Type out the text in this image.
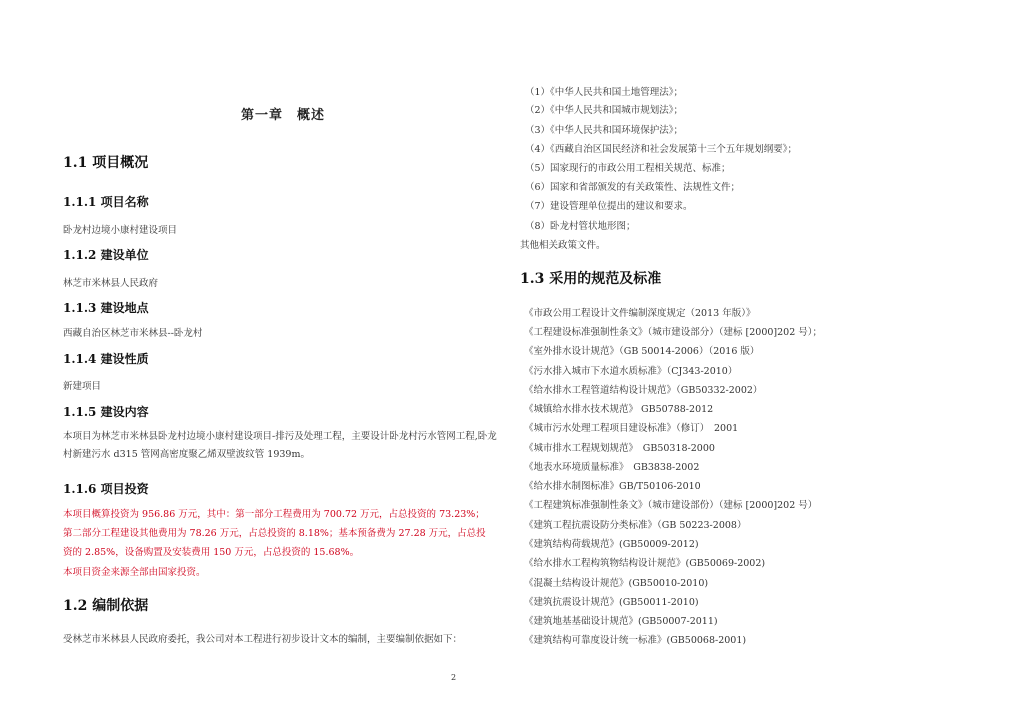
第一章　概述
1.1 项目概况
1.1.1 项目名称
卧龙村边境小康村建设项目
1.1.2 建设单位
林芝市米林县人民政府
1.1.3 建设地点
西藏自治区林芝市米林县--卧龙村
1.1.4 建设性质
新建项目
1.1.5 建设内容
本项目为林芝市米林县卧龙村边境小康村建设项目-排污及处理工程，主要设计卧龙村污水管网工程,卧龙村新建污水 d315 管网高密度聚乙烯双壁波纹管 1939m。
1.1.6 项目投资
本项目概算投资为 956.86 万元，其中：第一部分工程费用为 700.72 万元，占总投资的 73.23%；
第二部分工程建设其他费用为 78.26 万元，占总投资的 8.18%；基本预备费为 27.28 万元，占总投
资的 2.85%，设备购置及安装费用 150 万元，占总投资的 15.68%。
本项目资金来源全部由国家投资。
1.2 编制依据
受林芝市米林县人民政府委托，我公司对本工程进行初步设计文本的编制，主要编制依据如下：
（1）《中华人民共和国土地管理法》；
（2）《中华人民共和国城市规划法》；
（3）《中华人民共和国环境保护法》；
（4）《西藏自治区国民经济和社会发展第十三个五年规划纲要》；
（5）国家现行的市政公用工程相关规范、标准；
（6）国家和省部颁发的有关政策性、法规性文件；
（7）建设管理单位提出的建议和要求。
（8）卧龙村管状地形图；
其他相关政策文件。
1.3 采用的规范及标准
《市政公用工程设计文件编制深度规定（2013 年版）》
《工程建设标准强制性条文》（城市建设部分）（建标 [2000]202 号）；
《室外排水设计规范》（GB 50014-2006）（2016 版）
《污水排入城市下水道水质标准》（CJ343-2010）
《给水排水工程管道结构设计规范》（GB50332-2002）
《城镇给水排水技术规范》 GB50788-2012
《城市污水处理工程项目建设标准》（修订）　2001
《城市排水工程规划规范》　GB50318-2000
《地表水环境质量标准》　GB3838-2002
《给水排水制图标准》GB/T50106-2010
《工程建筑标准强制性条文》（城市建设部份）（建标 [2000]202 号）
《建筑工程抗震设防分类标准》（GB 50223-2008）
《建筑结构荷载规范》(GB50009-2012)
《给水排水工程构筑物结构设计规范》(GB50069-2002)
《混凝土结构设计规范》(GB50010-2010)
《建筑抗震设计规范》(GB50011-2010)
《建筑地基基础设计规范》(GB50007-2011)
《建筑结构可靠度设计统一标准》(GB50068-2001)
2
